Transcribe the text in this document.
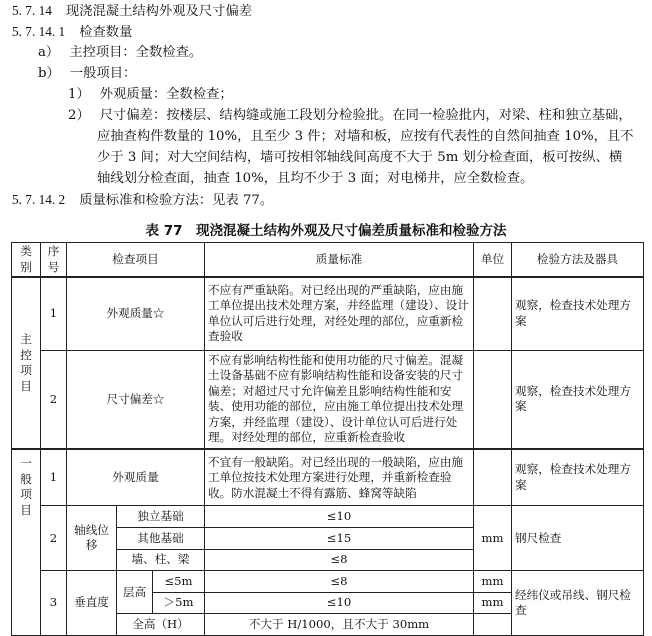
5. 7. 14 现浇混凝土结构外观及尺寸偏差
5. 7. 14. 1 检查数量
a） 主控项目：全数检查。
b） 一般项目：
1） 外观质量：全数检查；
2） 尺寸偏差：按楼层、结构缝或施工段划分检验批。在同一检验批内，对梁、柱和独立基础，
应抽查构件数量的 10%，且至少 3 件；对墙和板，应按有代表性的自然间抽查 10%，且不
少于 3 间；对大空间结构，墙可按相邻轴线间高度不大于 5m 划分检查面，板可按纵、横
轴线划分检查面，抽查 10%，且均不少于 3 面；对电梯井，应全数检查。
5. 7. 14. 2 质量标准和检验方法：见表 77。
表 77　现浇混凝土结构外观及尺寸偏差质量标准和检验方法
类别	序号	检查项目			质量标准	单位	检验方法及器具
主控项目	1	外观质量☆			不应有严重缺陷。对已经出现的严重缺陷，应由施工单位提出技术处理方案，并经监理（建设）、设计单位认可后进行处理，对经处理的部位，应重新检查验收		观察，检查技术处理方案
	2	尺寸偏差☆			不应有影响结构性能和使用功能的尺寸偏差。混凝土设备基础不应有影响结构性能和设备安装的尺寸偏差；对超过尺寸允许偏差且影响结构性能和安装、使用功能的部位，应由施工单位提出技术处理方案，并经监理（建设）、设计单位认可后进行处理。对经处理的部位，应重新检查验收		观察，检查技术处理方案
一般项目	1	外观质量			不宜有一般缺陷。对已经出现的一般缺陷，应由施工单位按技术处理方案进行处理，并重新检查验收。防水混凝土不得有露筋、蜂窝等缺陷		观察，检查技术处理方案
	2	轴线位移	独立基础		≤10	mm	钢尺检查
			其他基础		≤15		
			墙、柱、梁		≤8		
	3	垂直度	层高	≤5m	≤8	mm	经纬仪或吊线、钢尺检查
				＞5m	≤10	mm	
			全高（H）		不大于 H/1000，且不大于 30mm		
